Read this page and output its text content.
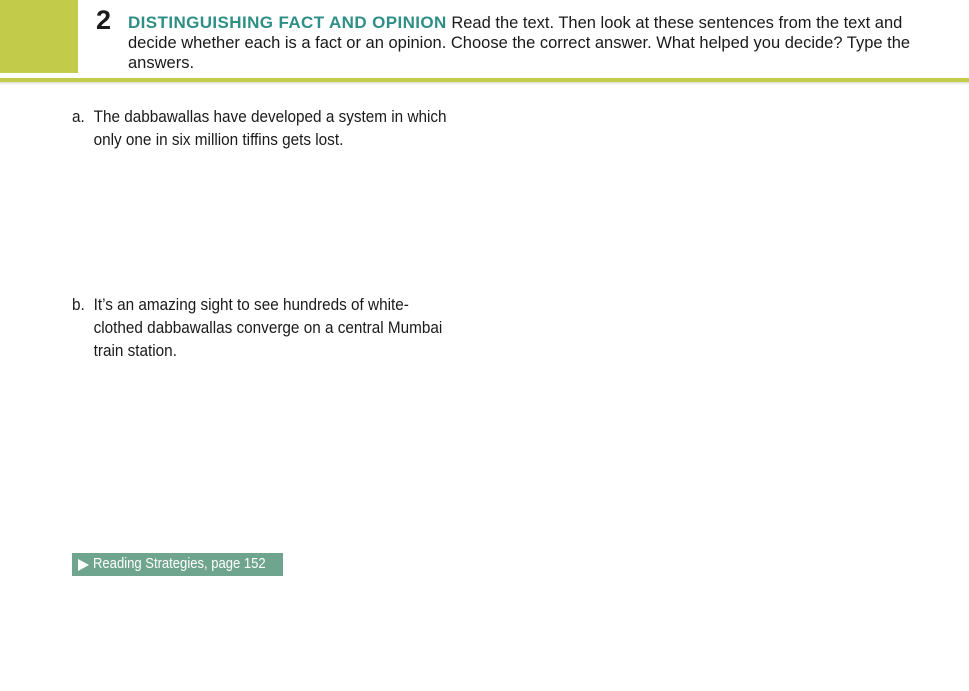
2 DISTINGUISHING FACT AND OPINION Read the text. Then look at these sentences from the text and decide whether each is a fact or an opinion. Choose the correct answer. What helped you decide? Type the answers.
a. The dabbawallas have developed a system in which only one in six million tiffins gets lost.
b. It’s an amazing sight to see hundreds of white-clothed dabbawallas converge on a central Mumbai train station.
Reading Strategies, page 152
